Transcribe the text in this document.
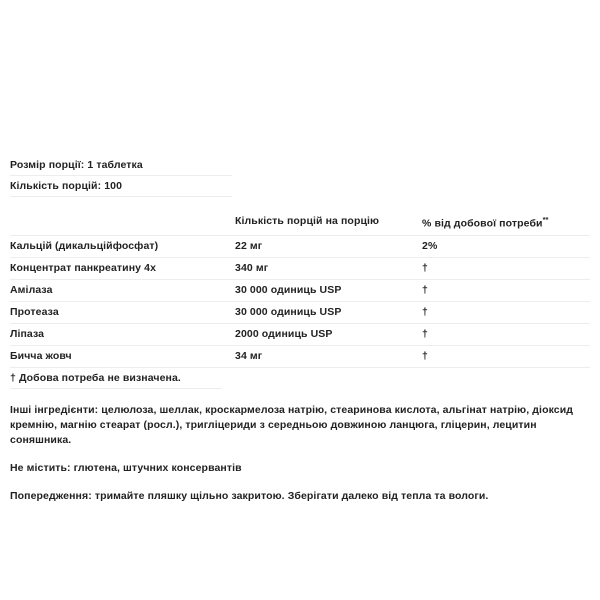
Розмір порції: 1 таблетка
Кількість порцій: 100
	Кількість порцій на порцію	% від добової потреби**
Кальцій (дикальційфосфат)	22 мг	2%
Концентрат панкреатину 4х	340 мг	†
Амілаза	30 000 одиниць USP	†
Протеаза	30 000 одиниць USP	†
Ліпаза	2000 одиниць USP	†
Бичча жовч	34 мг	†
† Добова потреба не визначена.
Інші інгредієнти: целюлоза, шеллак, кроскармелоза натрію, стеаринова кислота, альгінат натрію, діоксид кремнію, магнію стеарат (росл.), тригліцериди з середньою довжиною ланцюга, гліцерин, лецитин соняшника.
Не містить: глютена, штучних консервантів
Попередження: тримайте пляшку щільно закритою. Зберігати далеко від тепла та вологи.
